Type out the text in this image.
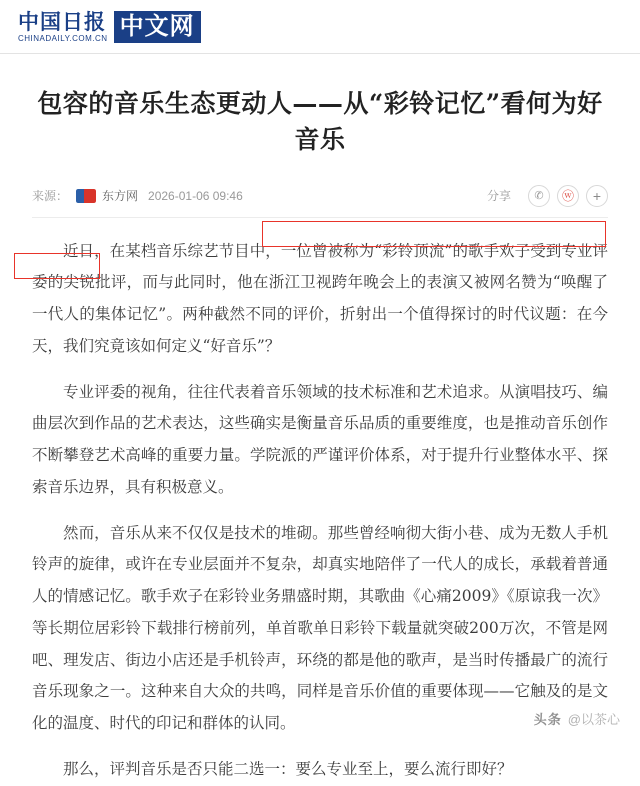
中国日报
CHINADAILY.COM.CN 中文网
包容的音乐生态更动人——从“彩铃记忆”看何为好音乐
来源：	东方网 2026-01-06 09:46	分享	✆	ⓦ	+

近日，在某档音乐综艺节目中，一位曾被称为“彩铃顶流”的歌手欢子受到专业评委的尖锐批评，而与此同时，他在浙江卫视跨年晚会上的表演又被网名赞为“唤醒了一代人的集体记忆”。两种截然不同的评价，折射出一个值得探讨的时代议题：在今天，我们究竟该如何定义“好音乐”？

专业评委的视角，往往代表着音乐领域的技术标准和艺术追求。从演唱技巧、编曲层次到作品的艺术表达，这些确实是衡量音乐品质的重要维度，也是推动音乐创作不断攀登艺术高峰的重要力量。学院派的严谨评价体系，对于提升行业整体水平、探索音乐边界，具有积极意义。

然而，音乐从来不仅仅是技术的堆砌。那些曾经响彻大街小巷、成为无数人手机铃声的旋律，或许在专业层面并不复杂，却真实地陪伴了一代人的成长，承载着普通人的情感记忆。歌手欢子在彩铃业务鼎盛时期，其歌曲《心痛2009》《原谅我一次》等长期位居彩铃下载排行榜前列，单首歌单日彩铃下载量就突破200万次，不管是网吧、理发店、街边小店还是手机铃声，环绕的都是他的歌声，是当时传播最广的流行音乐现象之一。这种来自大众的共鸣，同样是音乐价值的重要体现——它触及的是文化的温度、时代的印记和群体的认同。

那么，评判音乐是否只能二选一：要么专业至上，要么流行即好？

头条 @以茶心
